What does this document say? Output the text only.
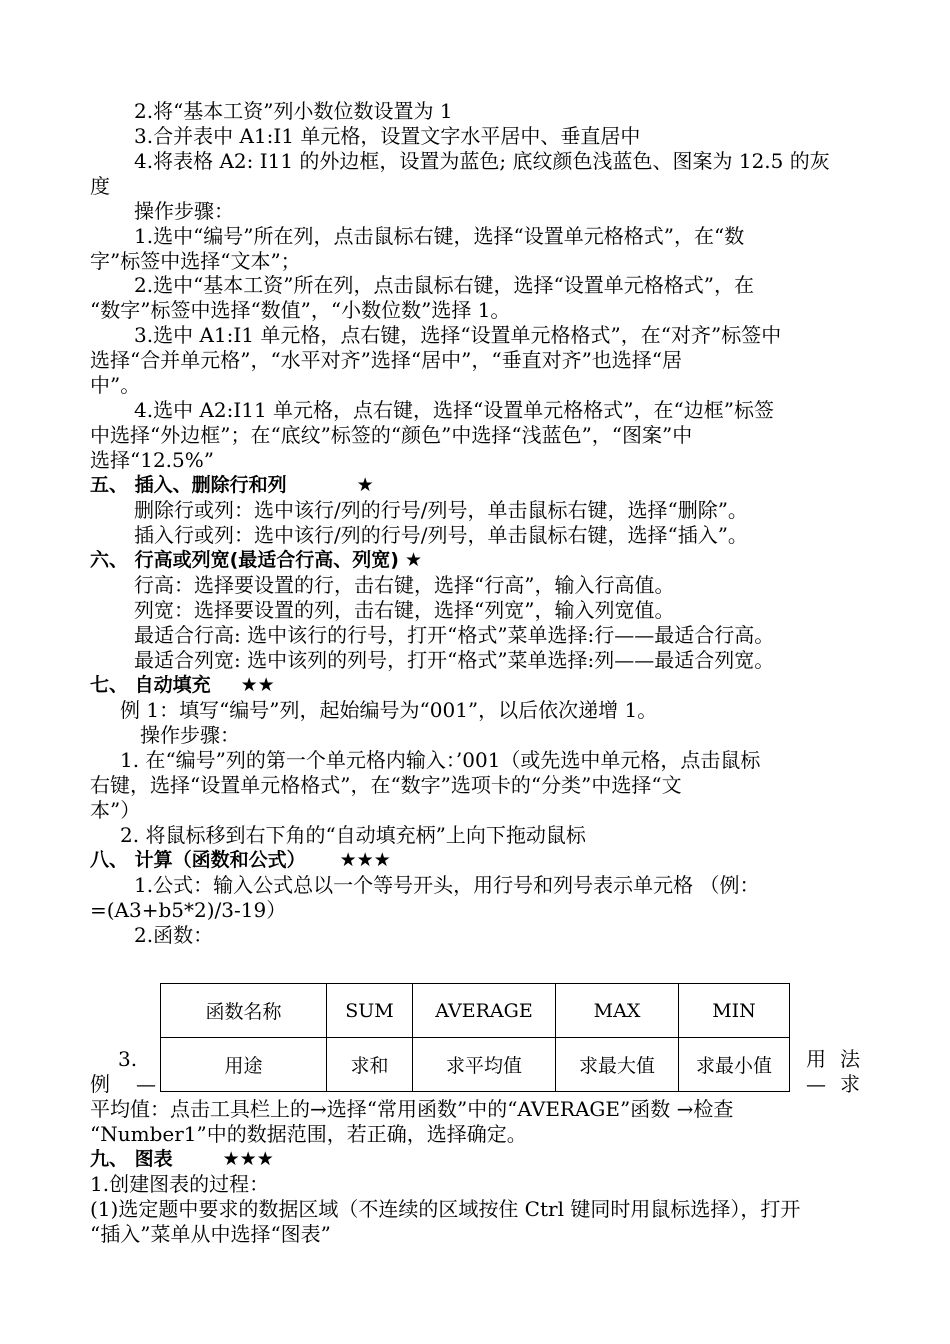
2.将“基本工资”列小数位数设置为 1
3.合并表中 A1:I1 单元格，设置文字水平居中、垂直居中
4.将表格 A2: I11 的外边框，设置为蓝色; 底纹颜色浅蓝色、图案为 12.5 的灰
度
操作步骤：
1.选中“编号”所在列，点击鼠标右键，选择“设置单元格格式”，在“数
字”标签中选择“文本”；
2.选中“基本工资”所在列，点击鼠标右键，选择“设置单元格格式”，在
“数字”标签中选择“数值”，“小数位数”选择 1。
3.选中 A1:I1 单元格，点右键，选择“设置单元格格式”，在“对齐”标签中
选择“合并单元格”，“水平对齐”选择“居中”，“垂直对齐”也选择“居
中”。
4.选中 A2:I11 单元格，点右键，选择“设置单元格格式”，在“边框”标签
中选择“外边框”；在“底纹”标签的“颜色”中选择“浅蓝色”，“图案”中
选择“12.5%”
五、 插入、删除行和列	★
删除行或列：选中该行/列的行号/列号，单击鼠标右键，选择“删除”。
插入行或列：选中该行/列的行号/列号，单击鼠标右键，选择“插入”。
六、 行高或列宽(最适合行高、列宽) ★
行高：选择要设置的行，击右键，选择“行高”，输入行高值。
列宽：选择要设置的列，击右键，选择“列宽”，输入列宽值。
最适合行高: 选中该行的行号，打开“格式”菜单选择:行——最适合行高。
最适合列宽: 选中该列的列号，打开“格式”菜单选择:列——最适合列宽。
七、 自动填充 ★★
例 1：填写“编号”列，起始编号为“001”，以后依次递增 1。
操作步骤：
1. 在“编号”列的第一个单元格内输入：’001（或先选中单元格，点击鼠标
右键，选择“设置单元格格式”，在“数字”选项卡的“分类”中选择“文
本”）
2. 将鼠标移到右下角的“自动填充柄”上向下拖动鼠标
八、 计算（函数和公式） ★★★
1.公式：输入公式总以一个等号开头，用行号和列号表示单元格 （例：
=(A3+b5*2)/3-19）
2.函数：
函数名称	SUM	AVERAGE	MAX	MIN
用途	求和	求平均值	求最大值	求最小值
3.
例 —
用 法
— 求
平均值：点击工具栏上的→选择“常用函数”中的“AVERAGE”函数 →检查
“Number1”中的数据范围，若正确，选择确定。
九、 图表	★★★
1.创建图表的过程：
(1)选定题中要求的数据区域（不连续的区域按住 Ctrl 键同时用鼠标选择），打开
“插入”菜单从中选择“图表”
